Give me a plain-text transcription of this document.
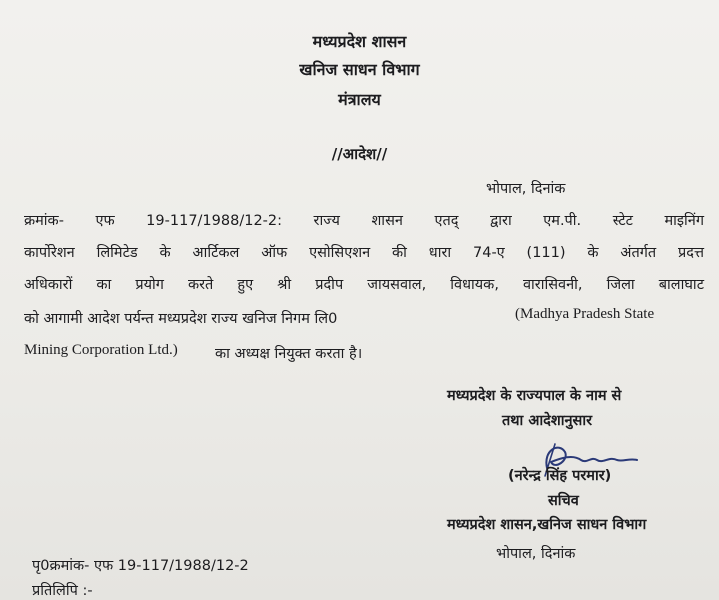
मध्यप्रदेश शासन
खनिज साधन विभाग
मंत्रालय
//आदेश//
भोपाल, दिनांक
क्रमांक- एफ 19-117/1988/12-2: राज्य शासन एतद् द्वारा एम.पी. स्टेट माइनिंग
कार्पोरेशन लिमिटेड के आर्टिकल ऑफ एसोसिएशन की धारा 74-ए (111) के अंतर्गत प्रदत्त
अधिकारों का प्रयोग करते हुए श्री प्रदीप जायसवाल, विधायक, वारासिवनी, जिला बालाघाट
को आगामी आदेश पर्यन्त मध्यप्रदेश राज्य खनिज निगम लि0	(Madhya Pradesh State
Mining Corporation Ltd.)	का अध्यक्ष नियुक्त करता है।
मध्यप्रदेश के राज्यपाल के नाम से
तथा आदेशानुसार
(नरेन्द्र सिंह परमार)
सचिव
मध्यप्रदेश शासन,खनिज साधन विभाग
भोपाल, दिनांक
पृ0क्रमांक- एफ 19-117/1988/12-2
प्रतिलिपि :-
